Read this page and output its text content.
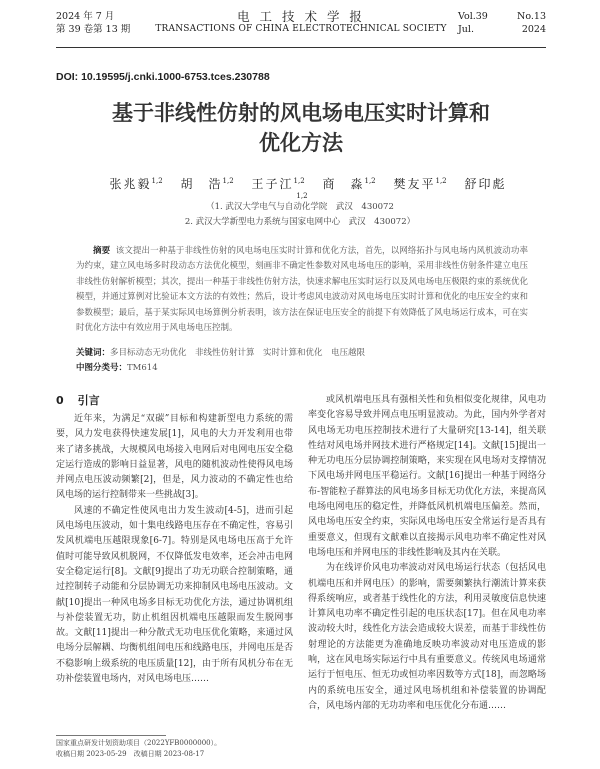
2024 年 7 月
第 39 卷第 13 期
电 工 技 术 学 报
TRANSACTIONS OF CHINA ELECTROTECHNICAL SOCIETY
Vol.39	No.13
Jul.	2024
DOI: 10.19595/j.cnki.1000-6753.tces.230788
基于非线性仿射的风电场电压实时计算和
优化方法
张兆毅$^{1,2}$ 胡　浩$^{1,2}$ 王子江$^{1,2}$ 商　淼$^{1,2}$ 樊友平$^{1,2}$ 舒印彪$^{1,2}$
（1. 武汉大学电气与自动化学院　武汉　430072
2. 武汉大学新型电力系统与国家电网中心　武汉　430072）
摘要 该文提出一种基于非线性仿射的风电场电压实时计算和优化方法，首先，以网络拓扑与风电场内风机波动功率为约束，建立风电场多时段动态方法优化模型，刻画非不确定性参数对风电场电压的影响，采用非线性仿射条件建立电压非线性仿射解析模型；其次，提出一种基于非线性仿射方法，快速求解电压实时运行以及风电场电压极限约束的系统优化模型，并通过算例对比验证本文方法的有效性；然后，设计考虑风电波动对风电场电压实时计算和优化的电压安全约束和参数模型；最后，基于某实际风电场算例分析表明，该方法在保证电压安全的前提下有效降低了风电场运行成本，可在实时优化方法中有效应用于风电场电压控制。
关键词：多目标动态无功优化　非线性仿射计算　实时计算和优化　电压越限
中图分类号：TM614
0 引言

近年来，为满足“双碳”目标和构建新型电力系统的需要，风力发电获得快速发展[1]，风电的大力开发利用也带来了诸多挑战，大规模风电场接入电网后对电网电压安全稳定运行造成的影响日益显著，风电的随机波动性使得风电场并网点电压波动频繁[2]，但是，风力波动的不确定性也给风电场的运行控制带来一些挑战[3]。

风速的不确定性使风电出力发生波动[4-5]，进而引起风电场电压波动，如十集电线路电压存在不确定性，容易引发风机端电压越限现象[6-7]。特别是风电场电压高于允许值时可能导致风机脱网，不仅降低发电效率，还会冲击电网安全稳定运行[8]。文献[9]提出了功无功联合控制策略，通过控制转子动能和分层协调无功来抑制风电场电压波动。文献[10]提出一种风电场多目标无功优化方法，通过协调机组与补偿装置无功，防止机组因机端电压越限而发生脱网事故。文献[11]提出一种分散式无功电压优化策略，来通过风电场分层解耦、均衡机组间电压和线路电压，并网电压是否不稳影响上级系统的电压质量[12]，由于所有风机分布在无功补偿装置电场内，对风电场电压……

或风机端电压具有强相关性和负相似变化规律，风电功率变化容易导致并网点电压明显波动。为此，国内外学者对风电场无功电压控制技术进行了大量研究[13-14]，组关联性结对风电场并网技术进行严格规定[14]。文献[15]提出一种无功电压分层协调控制策略，来实现在风电场对支撑情况下风电场并网电压平稳运行。文献[16]提出一种基于网络分布-智能粒子群算法的风电场多目标无功优化方法，来提高风电场电网电压的稳定性，并降低风机机端电压偏差。然而，风电场电压安全约束，实际风电场电压安全常运行是否具有重要意义，但现有文献难以直接揭示风电功率不确定性对风电场电压和并网电压的非线性影响及其内在关联。

为在线评价风电功率波动对风电场运行状态（包括风电机端电压和并网电压）的影响，需要频繁执行潮流计算来获得系统响应，或者基于线性化的方法，利用灵敏度信息快速计算风电功率不确定性引起的电压状态[17]。但在风电功率波动较大时，线性化方法会造成较大误差，而基于非线性仿射理论的方法能更为准确地反映功率波动对电压造成的影响，这在风电场实际运行中具有重要意义。传统风电场通常运行于恒电压、恒无功或恒功率因数等方式[18]，而忽略场内的系统电压安全，通过风电场机组和补偿装置的协调配合，风电场内部的无功功率和电压优化分布通……

国家重点研发计划资助项目（2022YFB0000000）。
收稿日期 2023-05-29　改稿日期 2023-08-17
